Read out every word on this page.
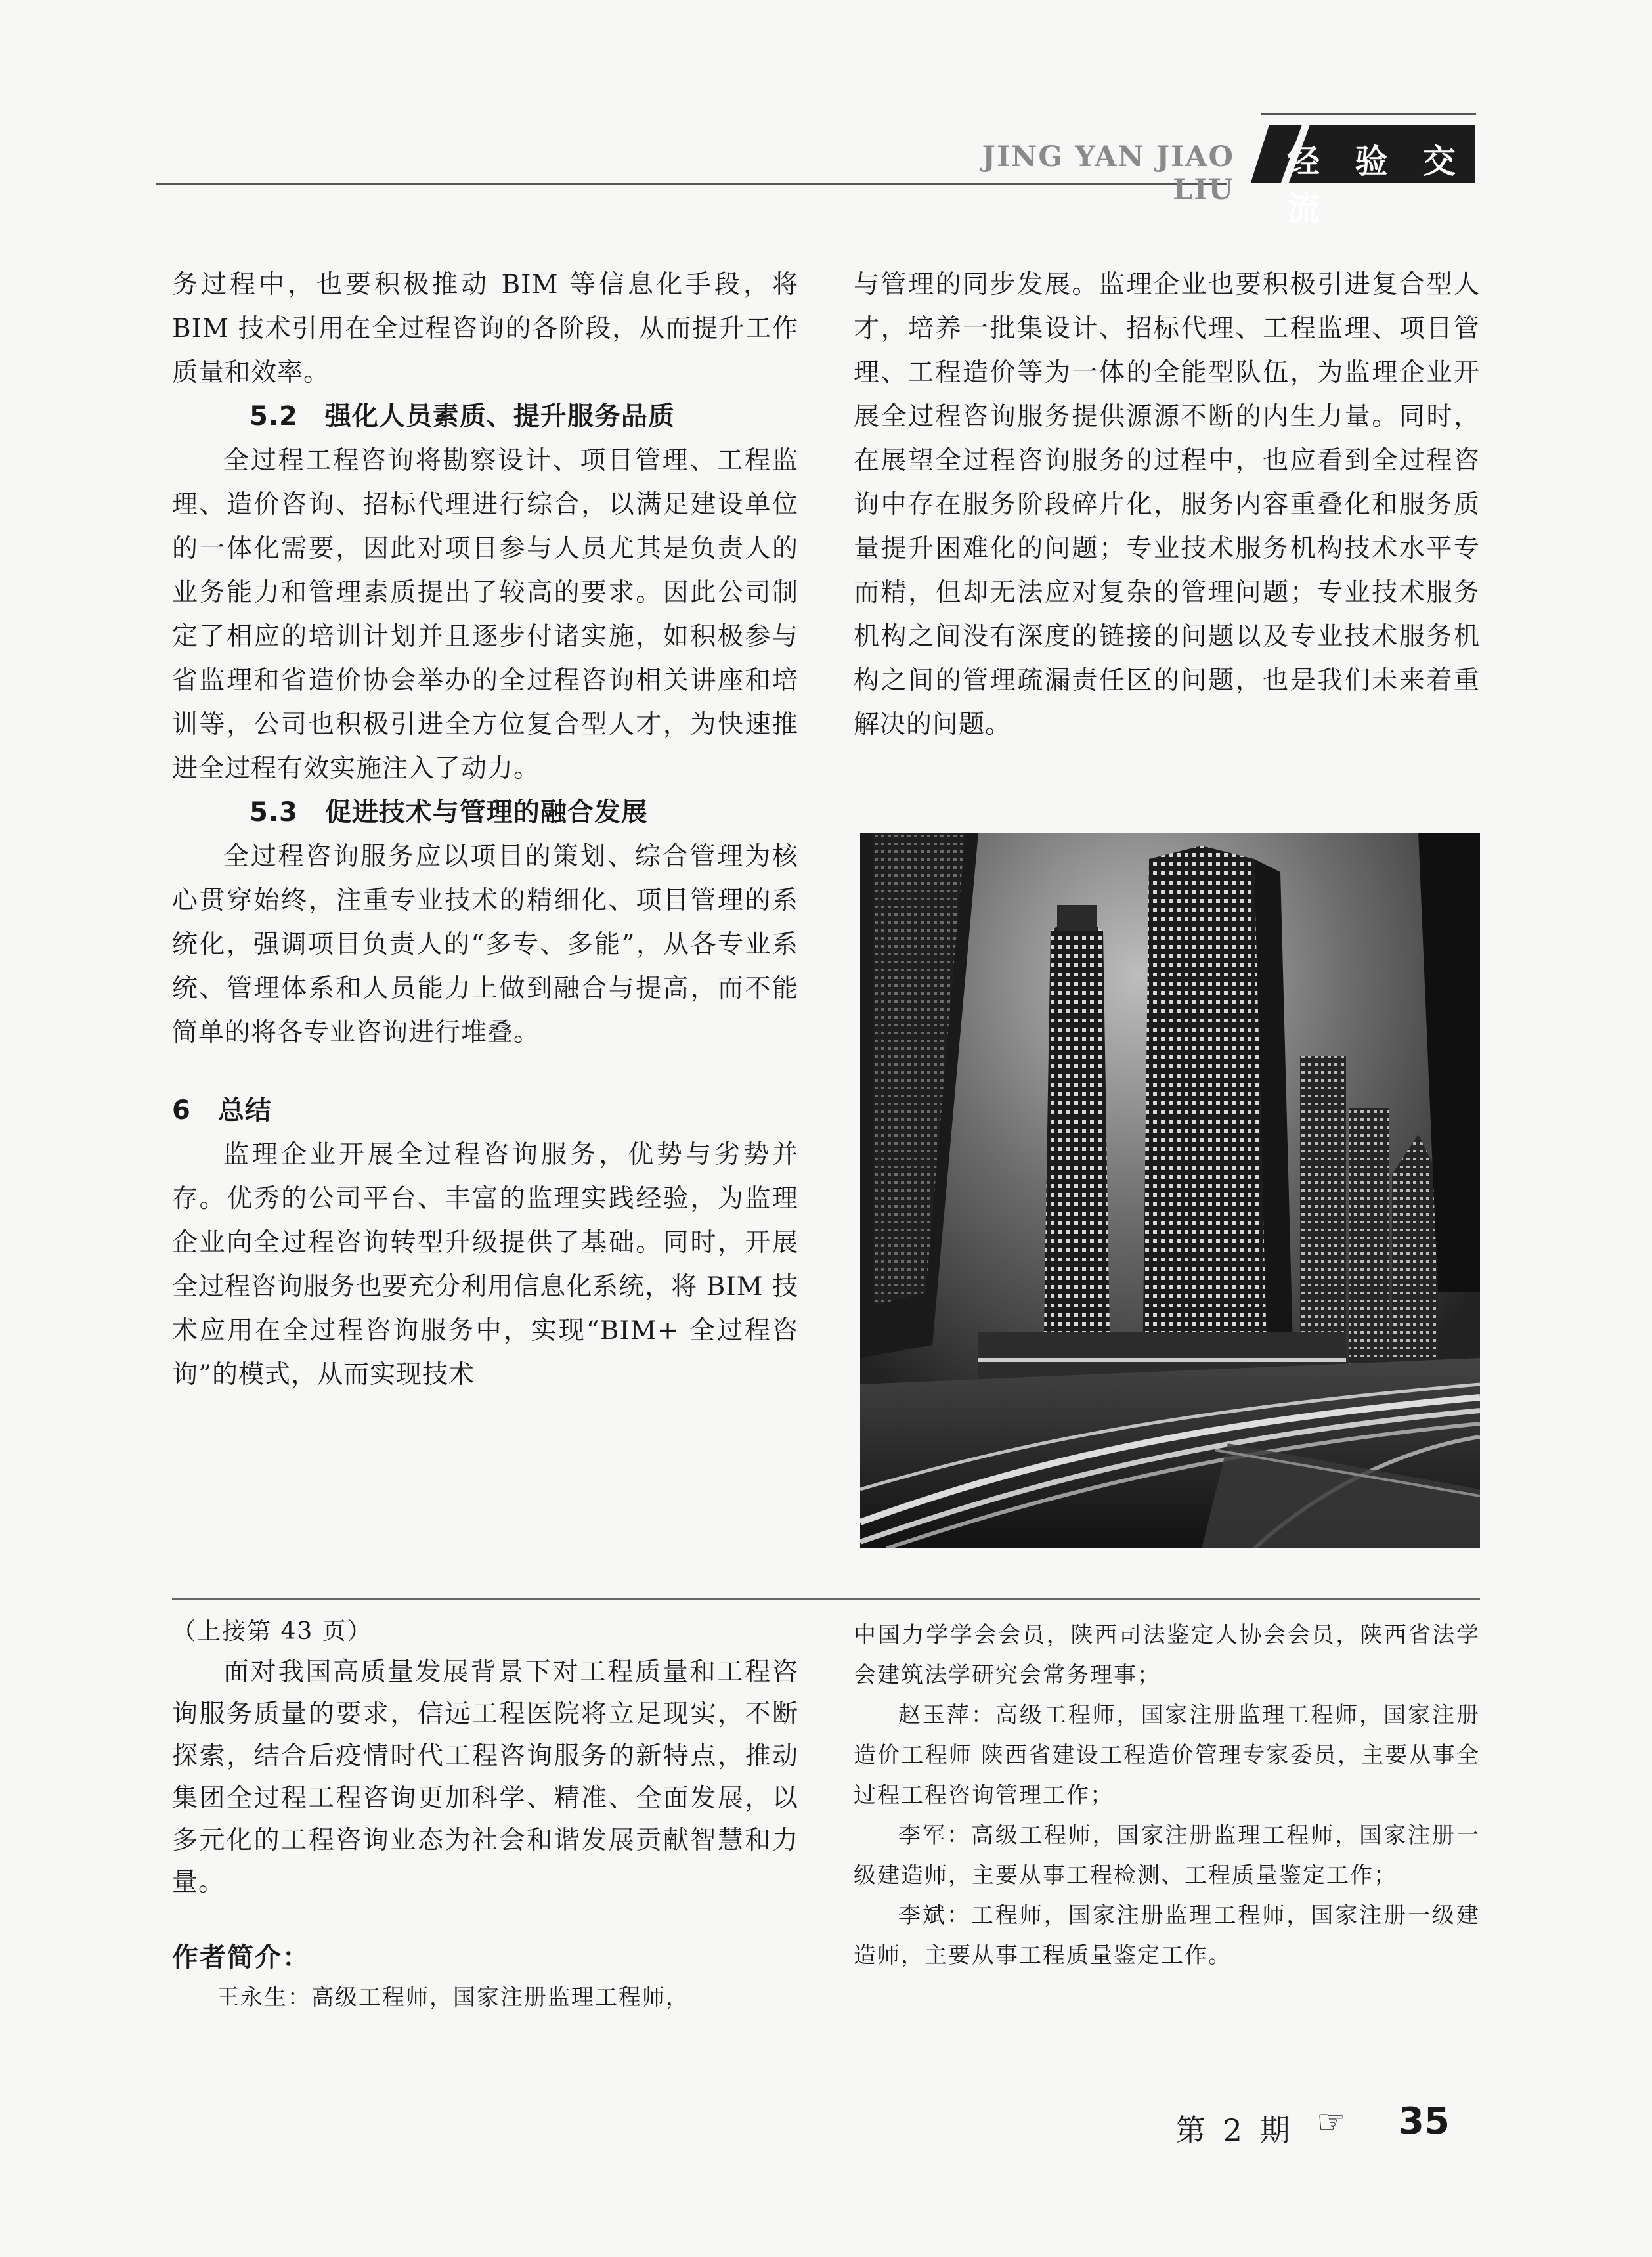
JING YAN JIAO LIU
经 验 交 流

务过程中，也要积极推动 BIM 等信息化手段，将 BIM 技术引用在全过程咨询的各阶段，从而提升工作质量和效率。

5.2　强化人员素质、提升服务品质

全过程工程咨询将勘察设计、项目管理、工程监理、造价咨询、招标代理进行综合，以满足建设单位的一体化需要，因此对项目参与人员尤其是负责人的业务能力和管理素质提出了较高的要求。因此公司制定了相应的培训计划并且逐步付诸实施，如积极参与省监理和省造价协会举办的全过程咨询相关讲座和培训等，公司也积极引进全方位复合型人才，为快速推进全过程有效实施注入了动力。

5.3　促进技术与管理的融合发展

全过程咨询服务应以项目的策划、综合管理为核心贯穿始终，注重专业技术的精细化、项目管理的系统化，强调项目负责人的“多专、多能”，从各专业系统、管理体系和人员能力上做到融合与提高，而不能简单的将各专业咨询进行堆叠。

6　总结

监理企业开展全过程咨询服务，优势与劣势并存。优秀的公司平台、丰富的监理实践经验，为监理企业向全过程咨询转型升级提供了基础。同时，开展全过程咨询服务也要充分利用信息化系统，将 BIM 技术应用在全过程咨询服务中，实现“BIM+ 全过程咨询”的模式，从而实现技术

与管理的同步发展。监理企业也要积极引进复合型人才，培养一批集设计、招标代理、工程监理、项目管理、工程造价等为一体的全能型队伍，为监理企业开展全过程咨询服务提供源源不断的内生力量。同时，在展望全过程咨询服务的过程中，也应看到全过程咨询中存在服务阶段碎片化，服务内容重叠化和服务质量提升困难化的问题；专业技术服务机构技术水平专而精，但却无法应对复杂的管理问题；专业技术服务机构之间没有深度的链接的问题以及专业技术服务机构之间的管理疏漏责任区的问题，也是我们未来着重解决的问题。

（上接第 43 页）

面对我国高质量发展背景下对工程质量和工程咨询服务质量的要求，信远工程医院将立足现实，不断探索，结合后疫情时代工程咨询服务的新特点，推动集团全过程工程咨询更加科学、精准、全面发展，以多元化的工程咨询业态为社会和谐发展贡献智慧和力量。

作者简介：

王永生：高级工程师，国家注册监理工程师，

中国力学学会会员，陕西司法鉴定人协会会员，陕西省法学会建筑法学研究会常务理事；

赵玉萍：高级工程师，国家注册监理工程师，国家注册造价工程师 陕西省建设工程造价管理专家委员，主要从事全过程工程咨询管理工作；

李军：高级工程师，国家注册监理工程师，国家注册一级建造师，主要从事工程检测、工程质量鉴定工作；

李斌：工程师，国家注册监理工程师，国家注册一级建造师，主要从事工程质量鉴定工作。

第 2 期 ☞ 35
